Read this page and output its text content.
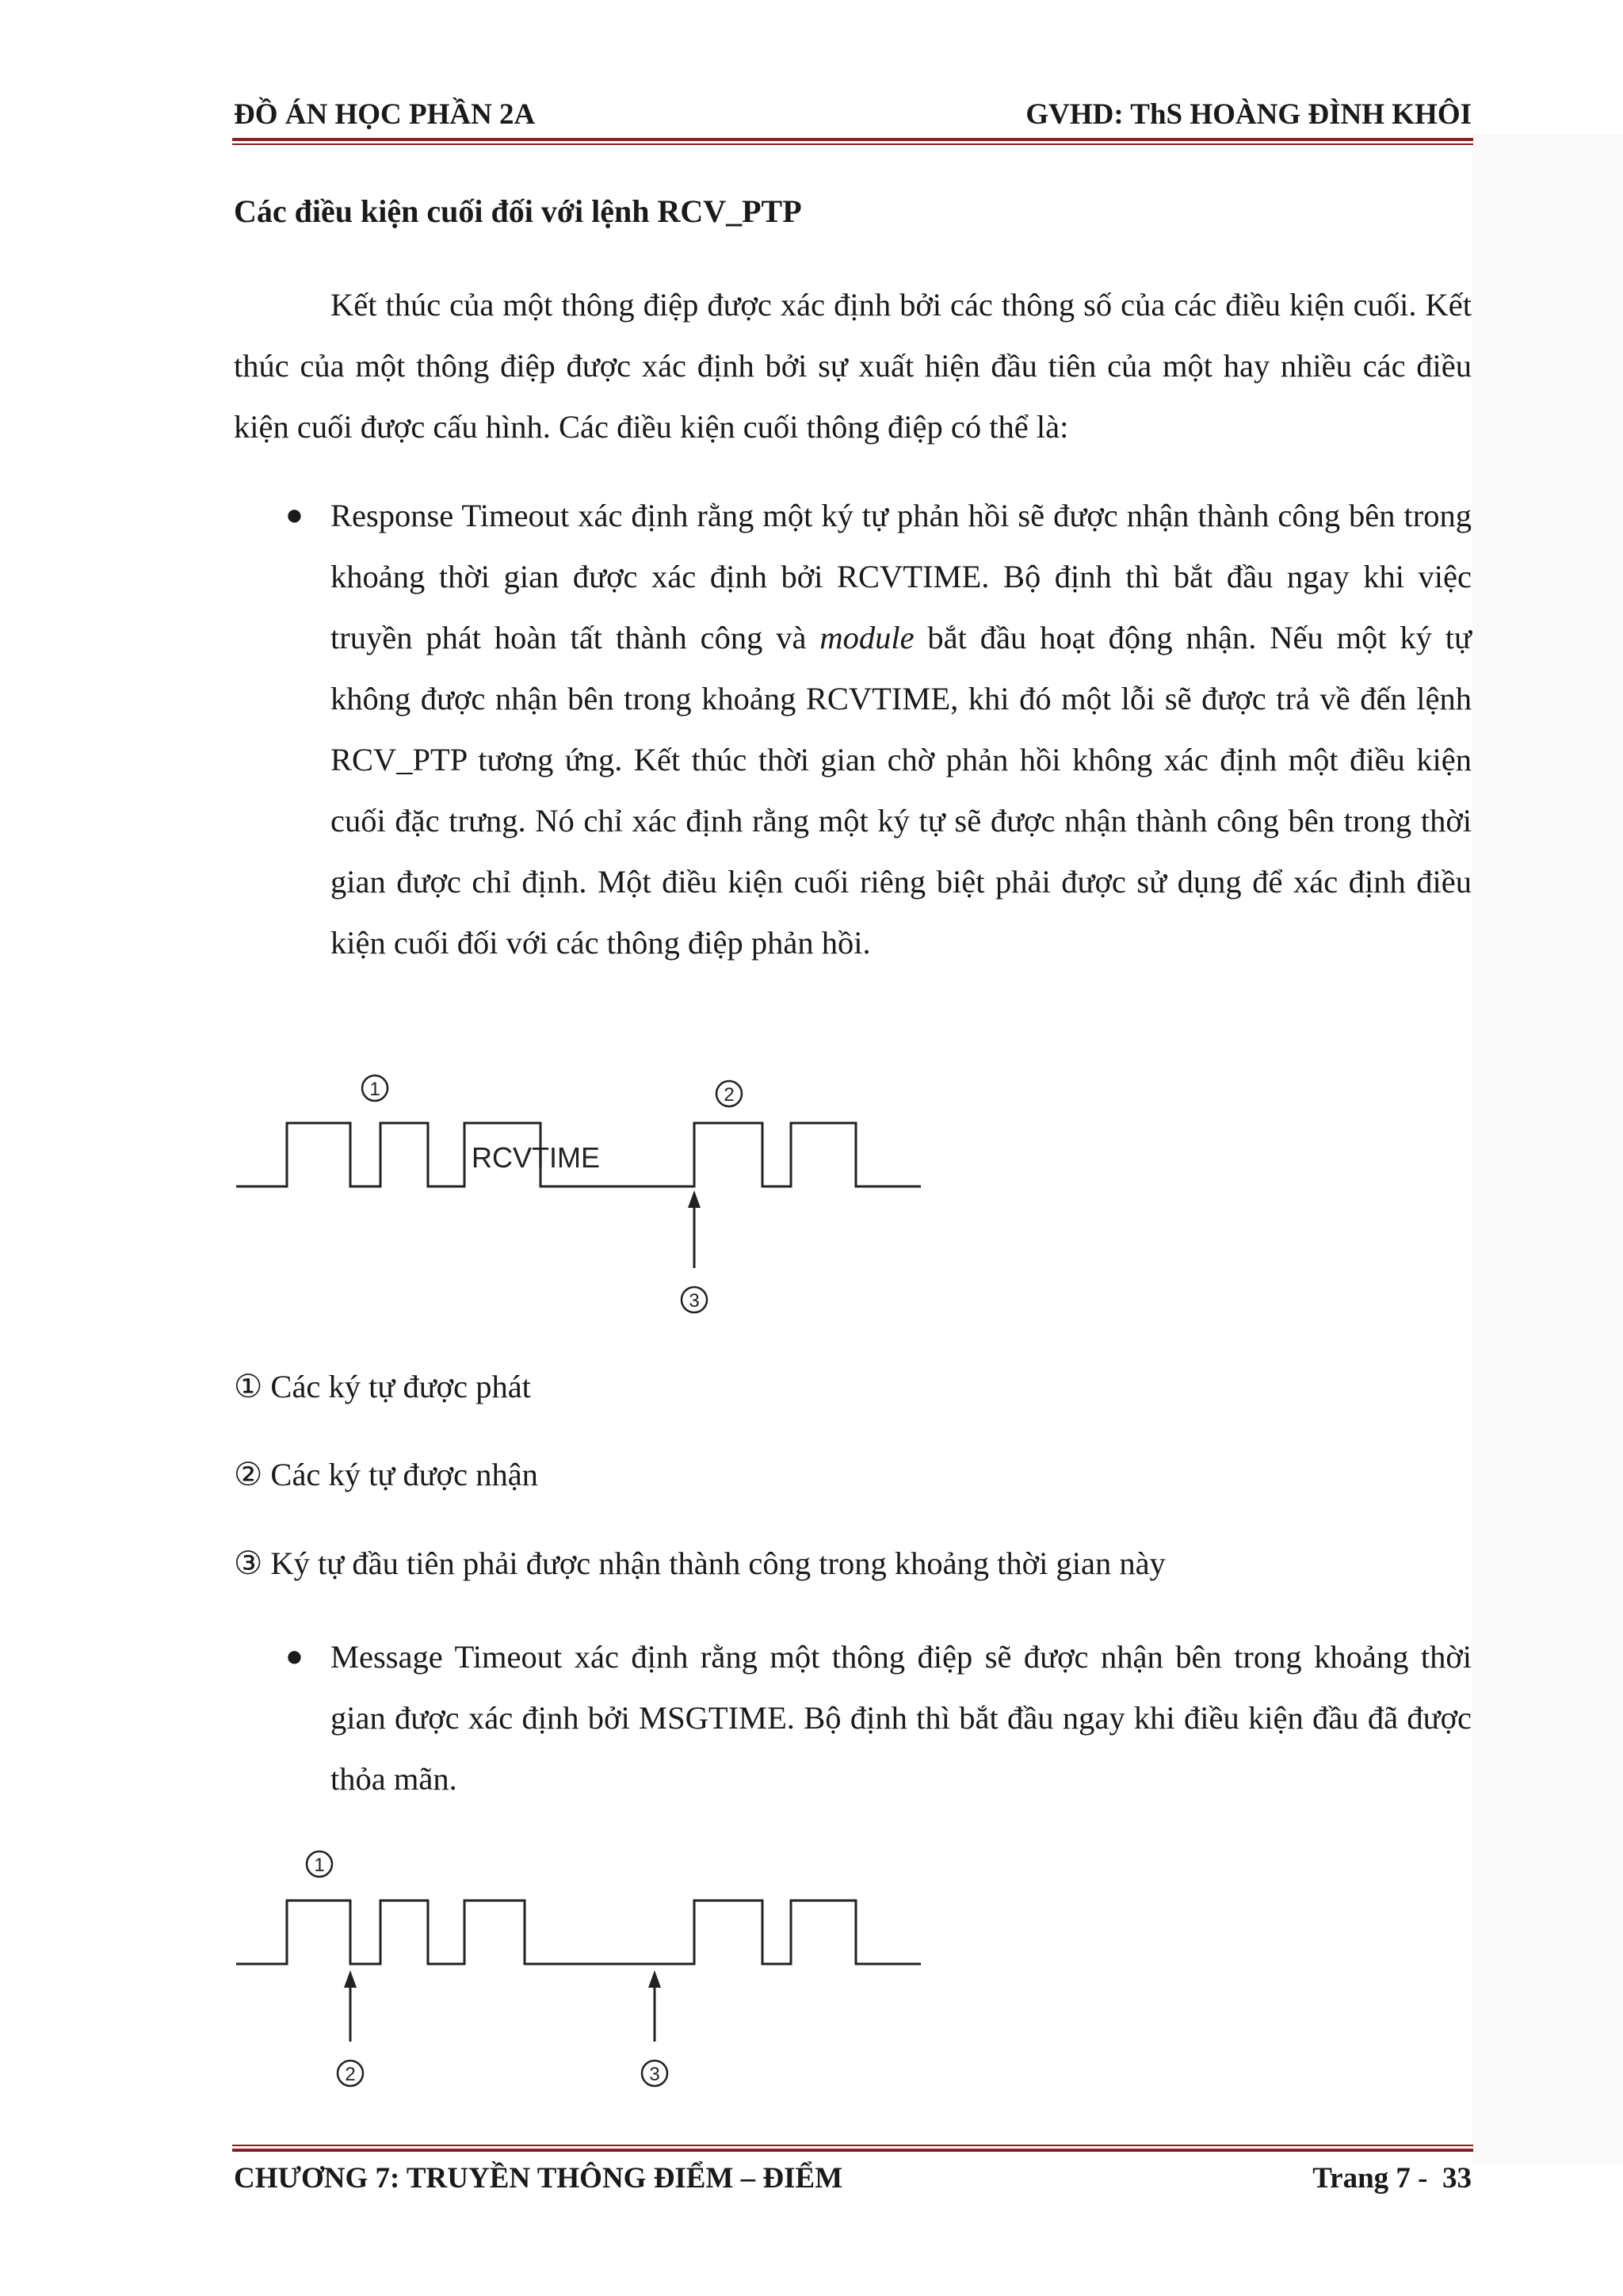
ĐỒ ÁN HỌC PHẦN 2A	GVHD: ThS HOÀNG ĐÌNH KHÔI
Các điều kiện cuối đối với lệnh RCV_PTP

Kết thúc của một thông điệp được xác định bởi các thông số của các điều kiện cuối. Kết thúc của một thông điệp được xác định bởi sự xuất hiện đầu tiên của một hay nhiều các điều kiện cuối được cấu hình. Các điều kiện cuối thông điệp có thể là:

● Response Timeout xác định rằng một ký tự phản hồi sẽ được nhận thành công bên trong khoảng thời gian được xác định bởi RCVTIME. Bộ định thì bắt đầu ngay khi việc truyền phát hoàn tất thành công và module bắt đầu hoạt động nhận. Nếu một ký tự không được nhận bên trong khoảng RCVTIME, khi đó một lỗi sẽ được trả về đến lệnh RCV_PTP tương ứng. Kết thúc thời gian chờ phản hồi không xác định một điều kiện cuối đặc trưng. Nó chỉ xác định rằng một ký tự sẽ được nhận thành công bên trong thời gian được chỉ định. Một điều kiện cuối riêng biệt phải được sử dụng để xác định điều kiện cuối đối với các thông điệp phản hồi.

1	2
RCVTIME
3
① Các ký tự được phát
② Các ký tự được nhận
③ Ký tự đầu tiên phải được nhận thành công trong khoảng thời gian này
● Message Timeout xác định rằng một thông điệp sẽ được nhận bên trong khoảng thời gian được xác định bởi MSGTIME. Bộ định thì bắt đầu ngay khi điều kiện đầu đã được thỏa mãn.

1
2	3
CHƯƠNG 7: TRUYỀN THÔNG ĐIỂM – ĐIỂM	Trang 7 -  33
